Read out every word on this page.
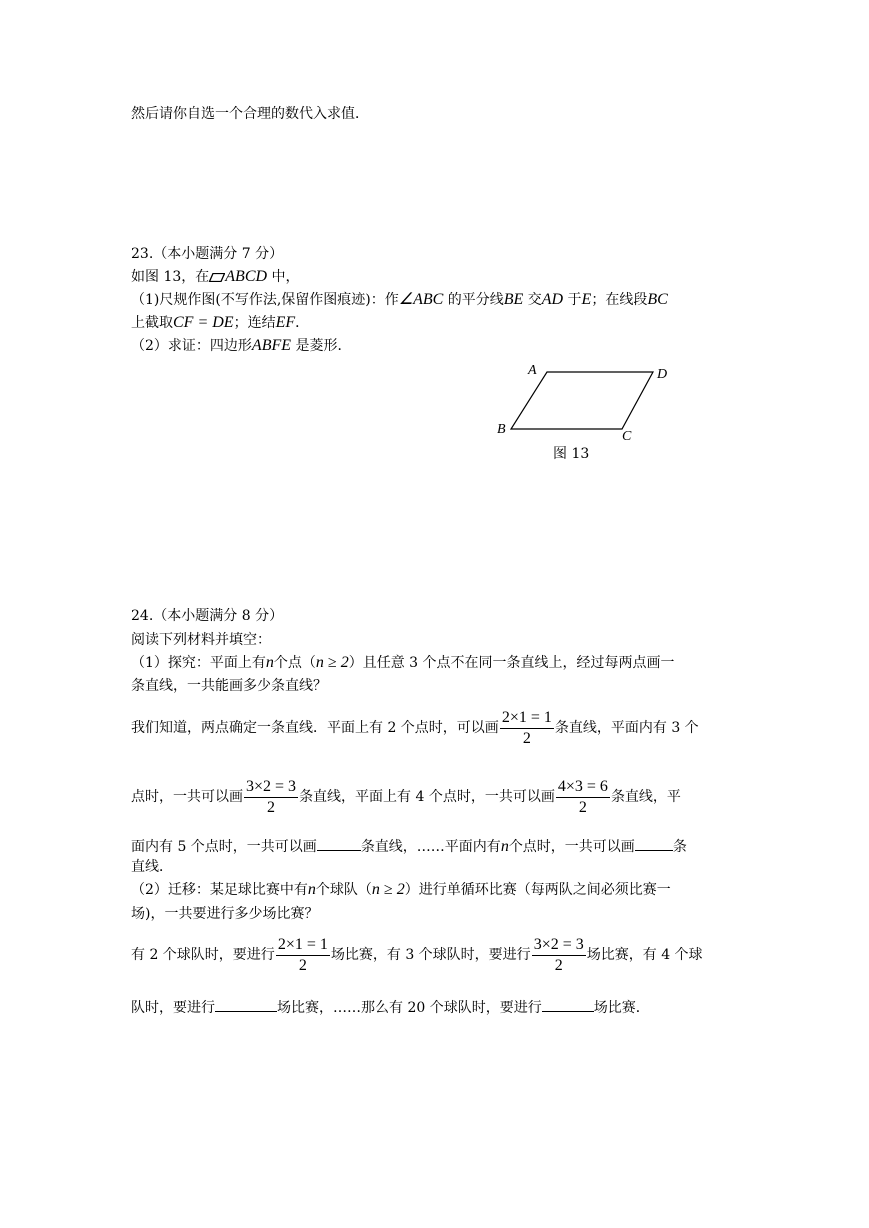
然后请你自选一个合理的数代入求值．
23.（本小题满分 7 分）
如图 13，在 ABCD 中，
（1)尺规作图(不写作法,保留作图痕迹)：作∠ABC 的平分线BE 交AD 于E；在线段BC
上截取CF = DE；连结EF．
（2）求证：四边形ABFE 是菱形．
A	D
B	C
图 13
24.（本小题满分 8 分）
阅读下列材料并填空：
（1）探究：平面上有n个点（n ≥ 2）且任意 3 个点不在同一条直线上，经过每两点画一
条直线，一共能画多少条直线？
我们知道，两点确定一条直线．平面上有 2 个点时，可以画 $\frac{2\times 1 = 1}{2}$ 条直线，平面内有 3 个
点时，一共可以画 $\frac{3\times 2 = 3}{2}$ 条直线，平面上有 4 个点时，一共可以画 $\frac{4\times 3 = 6}{2}$ 条直线，平
面内有 5 个点时，一共可以画	条直线，……平面内有n个点时，一共可以画	条
直线．
（2）迁移：某足球比赛中有n个球队（n ≥ 2）进行单循环比赛（每两队之间必须比赛一
场)，一共要进行多少场比赛？
有 2 个球队时，要进行 $\frac{2\times 1 = 1}{2}$ 场比赛，有 3 个球队时，要进行 $\frac{3\times 2 = 3}{2}$ 场比赛，有 4 个球
队时，要进行	场比赛，……那么有 20 个球队时，要进行	场比赛．
